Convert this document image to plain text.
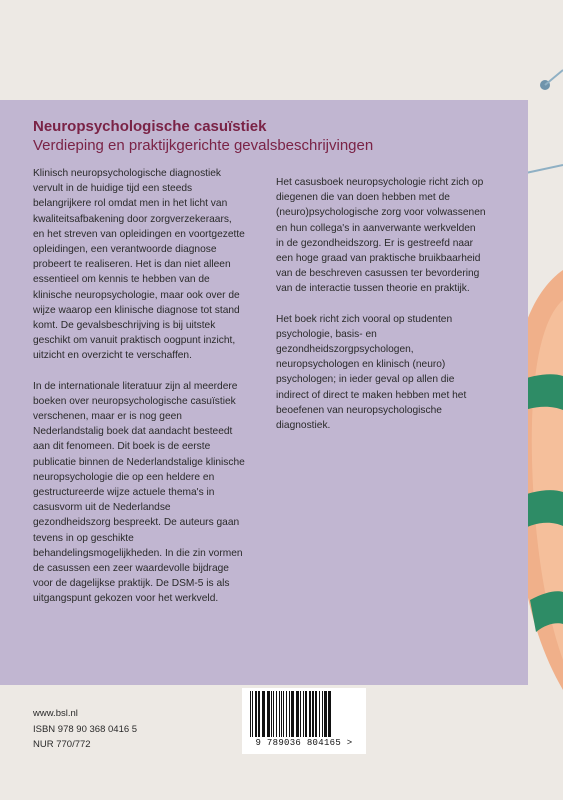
Neuropsychologische casuïstiek
Verdieping en praktijkgerichte gevalsbeschrijvingen

Klinisch neuropsychologische diagnostiek vervult in de huidige tijd een steeds belangrijkere rol omdat men in het licht van kwaliteitsafbakening door zorgverzekeraars, en het streven van opleidingen en voortgezette opleidingen, een verantwoorde diagnose probeert te realiseren. Het is dan niet alleen essentieel om kennis te hebben van de klinische neuropsychologie, maar ook over de wijze waarop een klinische diagnose tot stand komt. De gevalsbeschrijving is bij uitstek geschikt om vanuit praktisch oogpunt inzicht, uitzicht en overzicht te verschaffen.

In de internationale literatuur zijn al meerdere boeken over neuropsychologische casuïstiek verschenen, maar er is nog geen Nederlandstalig boek dat aandacht besteedt aan dit fenomeen. Dit boek is de eerste publicatie binnen de Nederlandstalige klinische neuropsychologie die op een heldere en gestructureerde wijze actuele thema's in casusvorm uit de Nederlandse gezondheidszorg bespreekt. De auteurs gaan tevens in op geschikte behandelingsmogelijkheden. In die zin vormen de casussen een zeer waardevolle bijdrage voor de dagelijkse praktijk. De DSM-5 is als uitgangspunt gekozen voor het werkveld.

Het casusboek neuropsychologie richt zich op diegenen die van doen hebben met de (neuro)psychologische zorg voor volwassenen en hun collega's in aanverwante werkvelden in de gezondheidszorg. Er is gestreefd naar een hoge graad van praktische bruikbaarheid van de beschreven casussen ter bevordering van de interactie tussen theorie en praktijk.

Het boek richt zich vooral op studenten psychologie, basis- en gezondheidszorgpsychologen, neuropsychologen en klinisch (neuro) psychologen; in ieder geval op allen die indirect of direct te maken hebben met het beoefenen van neuropsychologische diagnostiek.

www.bsl.nl
ISBN 978 90 368 0416 5
NUR 770/772	9 789036 804165 >
